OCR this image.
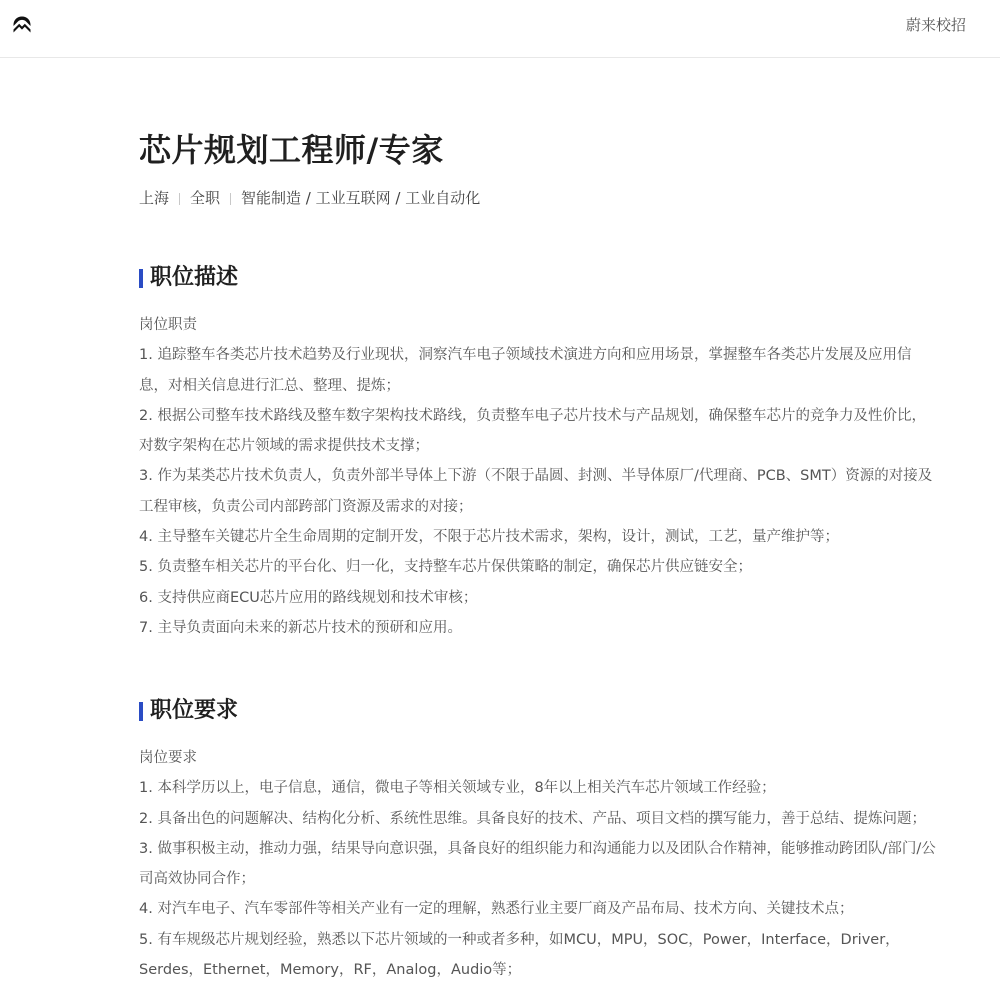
蔚来校招
芯片规划工程师/专家
上海 全职 智能制造 / 工业互联网 / 工业自动化
职位描述
岗位职责
1. 追踪整车各类芯片技术趋势及行业现状，洞察汽车电子领域技术演进方向和应用场景，掌握整车各类芯片发展及应用信
息，对相关信息进行汇总、整理、提炼；
2. 根据公司整车技术路线及整车数字架构技术路线，负责整车电子芯片技术与产品规划，确保整车芯片的竞争力及性价比，
对数字架构在芯片领域的需求提供技术支撑；
3. 作为某类芯片技术负责人，负责外部半导体上下游（不限于晶圆、封测、半导体原厂/代理商、PCB、SMT）资源的对接及
工程审核，负责公司内部跨部门资源及需求的对接；
4. 主导整车关键芯片全生命周期的定制开发，不限于芯片技术需求，架构，设计，测试，工艺，量产维护等；
5. 负责整车相关芯片的平台化、归一化，支持整车芯片保供策略的制定，确保芯片供应链安全；
6. 支持供应商ECU芯片应用的路线规划和技术审核；
7. 主导负责面向未来的新芯片技术的预研和应用。
职位要求
岗位要求
1. 本科学历以上，电子信息，通信，微电子等相关领域专业，8年以上相关汽车芯片领域工作经验；
2. 具备出色的问题解决、结构化分析、系统性思维。具备良好的技术、产品、项目文档的撰写能力，善于总结、提炼问题；
3. 做事积极主动，推动力强，结果导向意识强，具备良好的组织能力和沟通能力以及团队合作精神，能够推动跨团队/部门/公
司高效协同合作；
4. 对汽车电子、汽车零部件等相关产业有一定的理解，熟悉行业主要厂商及产品布局、技术方向、关键技术点；
5. 有车规级芯片规划经验，熟悉以下芯片领域的一种或者多种，如MCU，MPU，SOC，Power，Interface，Driver，
Serdes，Ethernet，Memory，RF，Analog，Audio等；
